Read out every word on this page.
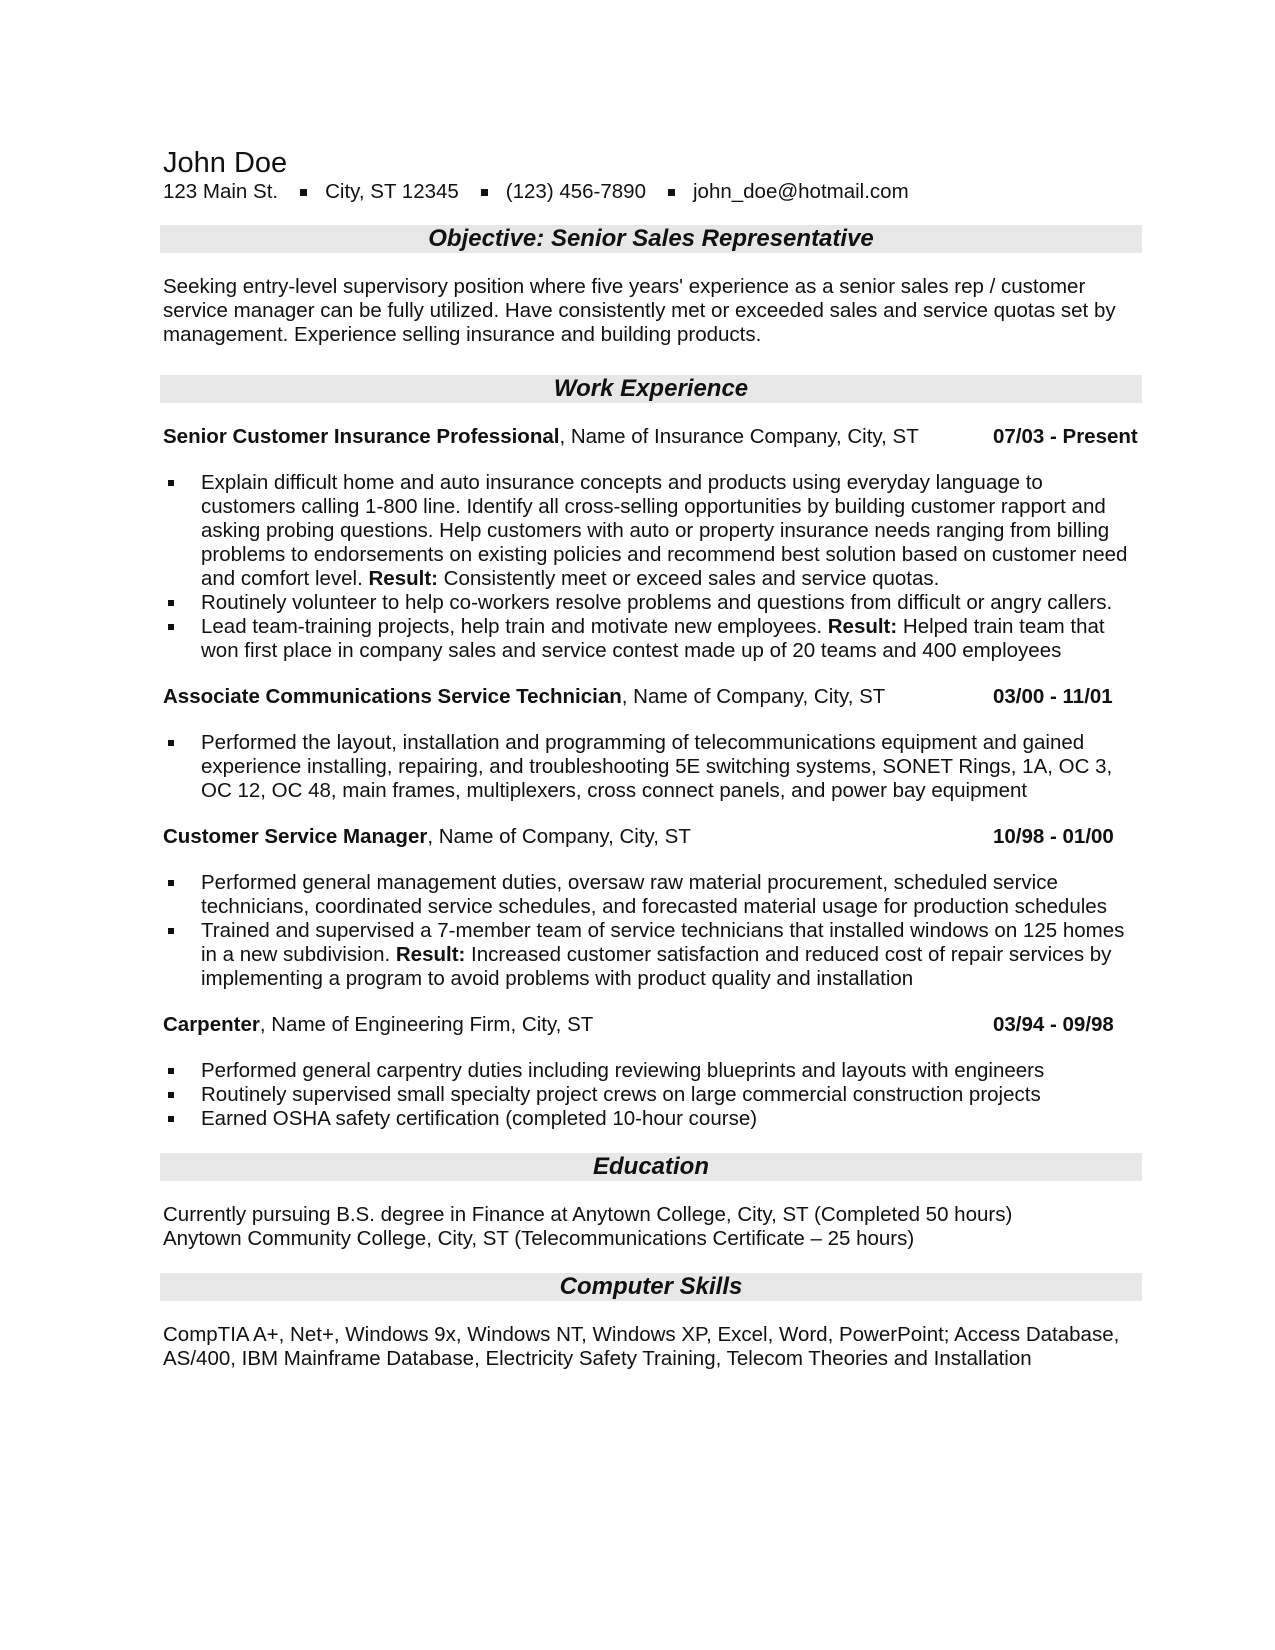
John Doe
123 Main St. City, ST 12345 (123) 456-7890 john_doe@hotmail.com
Objective: Senior Sales Representative

Seeking entry-level supervisory position where five years' experience as a senior sales rep / customer service manager can be fully utilized. Have consistently met or exceeded sales and service quotas set by management. Experience selling insurance and building products.

Work Experience
Senior Customer Insurance Professional, Name of Insurance Company, City, ST	07/03 - Present
Explain difficult home and auto insurance concepts and products using everyday language to customers calling 1-800 line. Identify all cross-selling opportunities by building customer rapport and asking probing questions. Help customers with auto or property insurance needs ranging from billing problems to endorsements on existing policies and recommend best solution based on customer need and comfort level. Result: Consistently meet or exceed sales and service quotas.
Routinely volunteer to help co-workers resolve problems and questions from difficult or angry callers.
Lead team-training projects, help train and motivate new employees. Result: Helped train team that won first place in company sales and service contest made up of 20 teams and 400 employees
Associate Communications Service Technician, Name of Company, City, ST	03/00 - 11/01
Performed the layout, installation and programming of telecommunications equipment and gained experience installing, repairing, and troubleshooting 5E switching systems, SONET Rings, 1A, OC 3, OC 12, OC 48, main frames, multiplexers, cross connect panels, and power bay equipment
Customer Service Manager, Name of Company, City, ST	10/98 - 01/00
Performed general management duties, oversaw raw material procurement, scheduled service technicians, coordinated service schedules, and forecasted material usage for production schedules
Trained and supervised a 7-member team of service technicians that installed windows on 125 homes in a new subdivision. Result: Increased customer satisfaction and reduced cost of repair services by implementing a program to avoid problems with product quality and installation
Carpenter, Name of Engineering Firm, City, ST	03/94 - 09/98
Performed general carpentry duties including reviewing blueprints and layouts with engineers
Routinely supervised small specialty project crews on large commercial construction projects
Earned OSHA safety certification (completed 10-hour course)
Education
Currently pursuing B.S. degree in Finance at Anytown College, City, ST (Completed 50 hours)
Anytown Community College, City, ST (Telecommunications Certificate – 25 hours)
Computer Skills

CompTIA A+, Net+, Windows 9x, Windows NT, Windows XP, Excel, Word, PowerPoint; Access Database, AS/400, IBM Mainframe Database, Electricity Safety Training, Telecom Theories and Installation
